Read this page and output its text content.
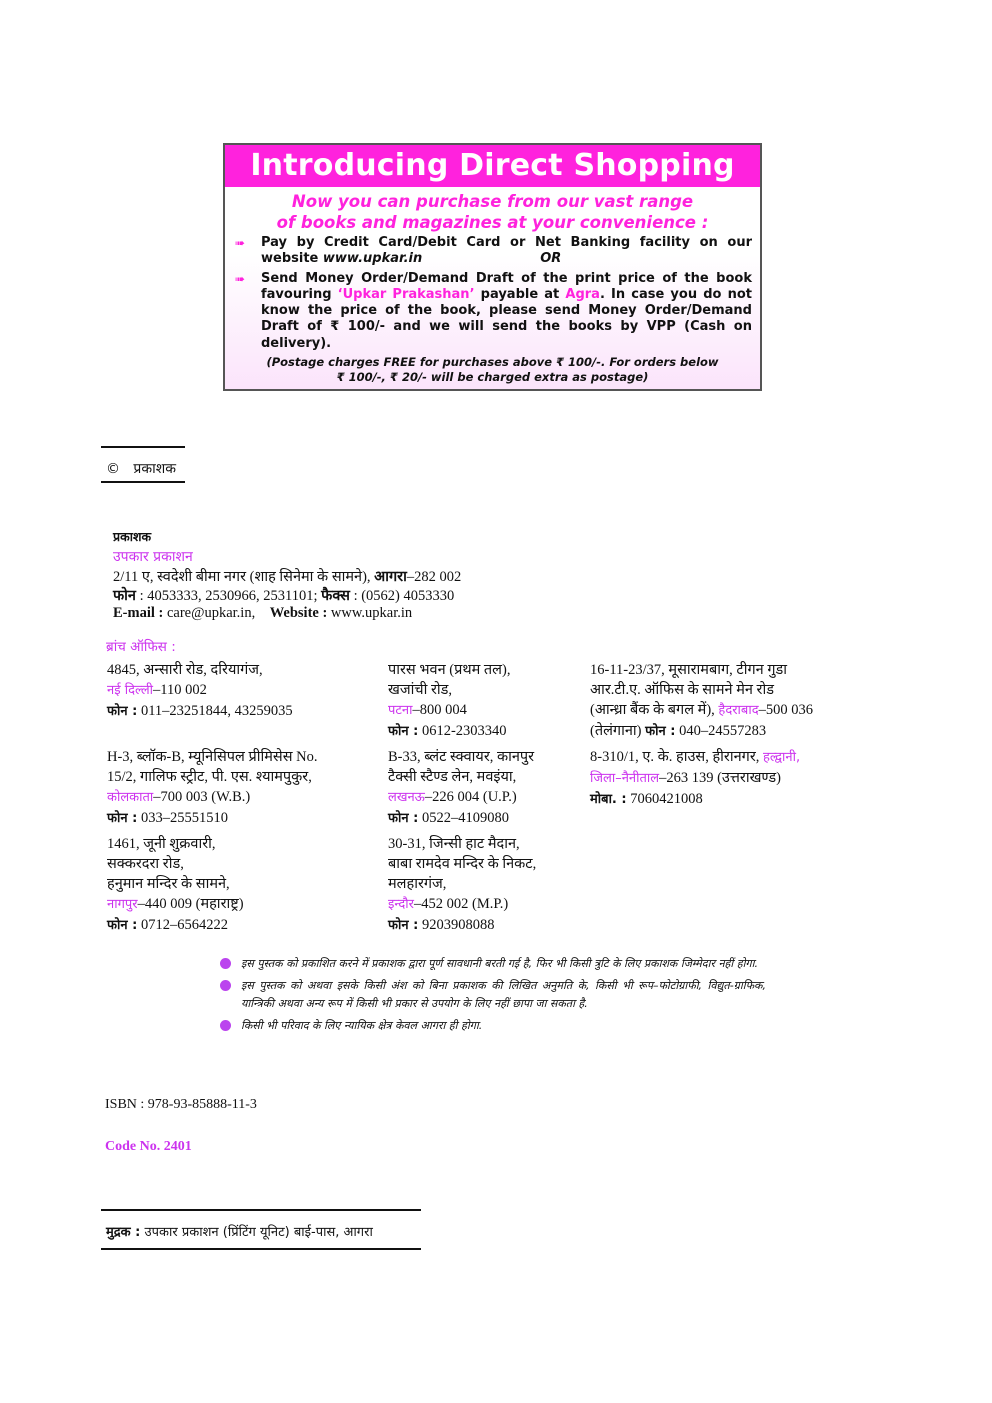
Introducing Direct Shopping
Now you can purchase from our vast range
of books and magazines at your convenience :
➠	Pay by Credit Card/Debit Card or Net Banking facility on our website www.upkar.in	OR
➠	Send Money Order/Demand Draft of the print price of the book favouring ‘Upkar Prakashan’ payable at Agra. In case you do not know the price of the book, please send Money Order/Demand Draft of ₹ 100/- and we will send the books by VPP (Cash on delivery).
(Postage charges FREE for purchases above ₹ 100/-. For orders below
₹ 100/-, ₹ 20/- will be charged extra as postage)
© प्रकाशक
प्रकाशक
उपकार प्रकाशन
2/11 ए, स्वदेशी बीमा नगर (शाह सिनेमा के सामने), आगरा–282 002
फोन : 4053333, 2530966, 2531101; फैक्स : (0562) 4053330
E-mail : care@upkar.in, Website : www.upkar.in
ब्रांच ऑफिस :
4845, अन्सारी रोड, दरियागंज,
नई दिल्ली–110 002
फोन : 011–23251844, 43259035
पारस भवन (प्रथम तल),
खजांची रोड,
पटना–800 004
फोन : 0612-2303340
16-11-23/37, मूसारामबाग, टीगन गुडा
आर.टी.ए. ऑफिस के सामने मेन रोड
(आन्ध्रा बैंक के बगल में), हैदराबाद–500 036
(तेलंगाना) फोन : 040–24557283
H-3, ब्लॉक-B, म्यूनिसिपल प्रीमिसेस No.
15/2, गालिफ स्ट्रीट, पी. एस. श्यामपुकुर,
कोलकाता–700 003 (W.B.)
फोन : 033–25551510
B-33, ब्लंट स्क्वायर, कानपुर
टैक्सी स्टैण्ड लेन, मवइंया,
लखनऊ–226 004 (U.P.)
फोन : 0522–4109080
8-310/1, ए. के. हाउस, हीरानगर, हल्द्वानी,
जिला–नैनीताल–263 139 (उत्तराखण्ड)
मोबा. : 7060421008
1461, जूनी शुक्रवारी,
सक्करदरा रोड,
हनुमान मन्दिर के सामने,
नागपुर–440 009 (महाराष्ट्र)
फोन : 0712–6564222
30-31, जिन्सी हाट मैदान,
बाबा रामदेव मन्दिर के निकट,
मलहारगंज,
इन्दौर–452 002 (M.P.)
फोन : 9203908088
इस पुस्तक को प्रकाशित करने में प्रकाशक द्वारा पूर्ण सावधानी बरती गई है, फिर भी किसी त्रुटि के लिए प्रकाशक जिम्मेदार नहीं होगा.
इस पुस्तक को अथवा इसके किसी अंश को बिना प्रकाशक की लिखित अनुमति के, किसी भी रूप–फोटोग्राफी, विद्युत-ग्राफिक, यान्त्रिकी अथवा अन्य रूप में किसी भी प्रकार से उपयोग के लिए नहीं छापा जा सकता है.
किसी भी परिवाद के लिए न्यायिक क्षेत्र केवल आगरा ही होगा.
ISBN : 978-93-85888-11-3
Code No. 2401
मुद्रक : उपकार प्रकाशन (प्रिंटिंग यूनिट) बाई-पास, आगरा
